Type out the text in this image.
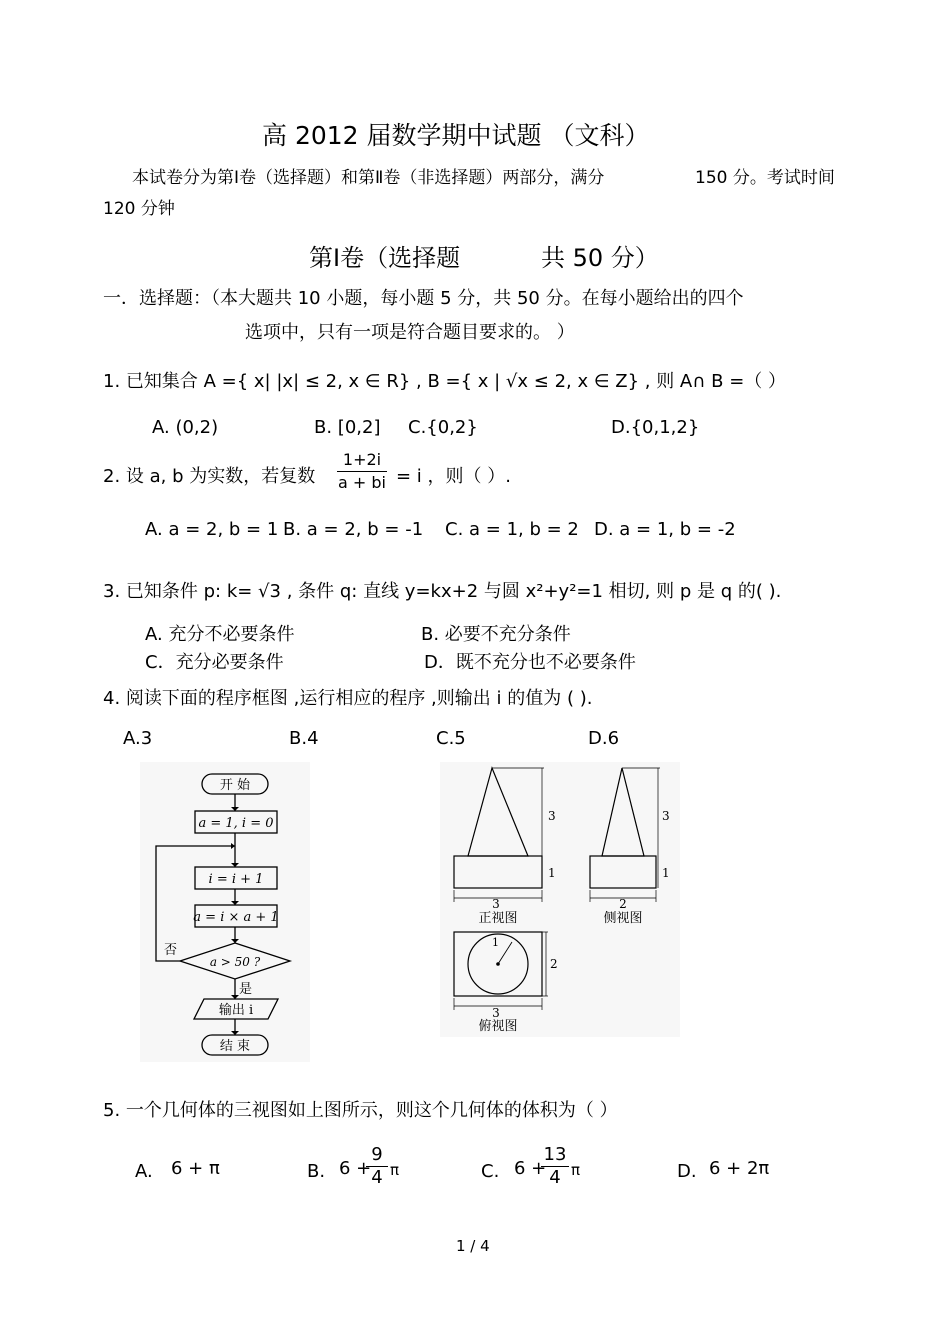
高 2012 届数学期中试题 （文科）
本试卷分为第Ⅰ卷（选择题）和第Ⅱ卷（非选择题）两部分，满分	150 分。考试时间
120 分钟
第Ⅰ卷（选择题	共 50 分）
一．选择题：（本大题共 10 小题，每小题 5 分，共 50 分。在每小题给出的四个
选项中，只有一项是符合题目要求的。 ）
1. 已知集合 A ={ x| |x| ≤ 2, x ∈ R} , B ={ x | √x ≤ 2, x ∈ Z} , 则 A∩ B =（ ）
A. (0,2)	B. [0,2] C.{0,2}	D.{0,1,2}
2. 设 a, b 为实数，若复数
1+2i
a + bi = i ，则（ ）.
A. a = 2, b = 1 B. a = 2, b = -1 C. a = 1, b = 2 D. a = 1, b = -2
3. 已知条件 p: k= √3 , 条件 q: 直线 y=kx+2 与圆 x²+y²=1 相切, 则 p 是 q 的( ).
A. 充分不必要条件	B. 必要不充分条件
C．充分必要条件	D．既不充分也不必要条件
4. 阅读下面的程序框图 ,运行相应的程序 ,则输出 i 的值为 ( ).
A.3	B.4	C.5	D.6
开 始
a = 1, i = 0
i = i + 1
a = i × a + 1
a > 50 ?
否
是
输出 i
结 束
3
1
3
正视图
3
1
2
侧视图
1
2
3
俯视图
5. 一个几何体的三视图如上图所示，则这个几何体的体积为（ ）
A. 6 + π	B. 6 +
9
4 π	C. 6 +
13
4 π	D. 6 + 2π
1 / 4
